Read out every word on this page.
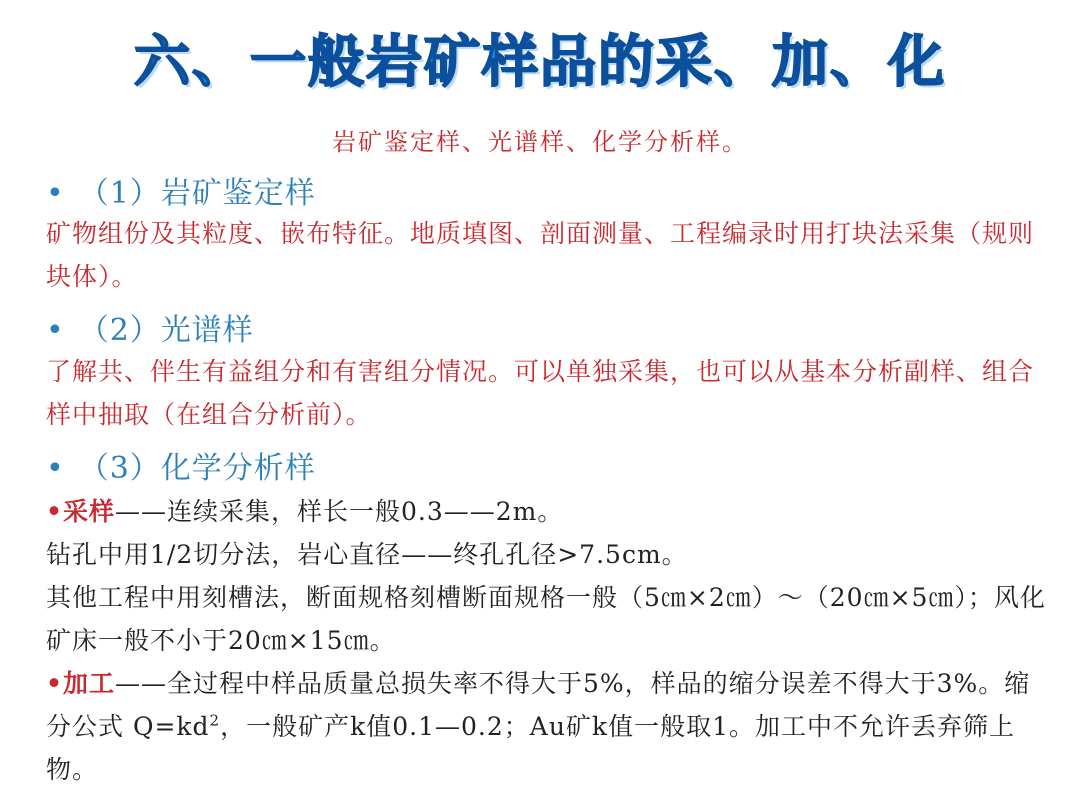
六、一般岩矿样品的采、加、化
岩矿鉴定样、光谱样、化学分析样。
• （1）岩矿鉴定样
矿物组份及其粒度、嵌布特征。地质填图、剖面测量、工程编录时用打块法采集（规则块体）。
• （2）光谱样
了解共、伴生有益组分和有害组分情况。可以单独采集，也可以从基本分析副样、组合样中抽取（在组合分析前）。
• （3）化学分析样
•采样——连续采集，样长一般0.3——2m。
钻孔中用1/2切分法，岩心直径——终孔孔径>7.5cm。
其他工程中用刻槽法，断面规格刻槽断面规格一般（5㎝×2㎝）～（20㎝×5㎝）；风化矿床一般不小于20㎝×15㎝。
•加工——全过程中样品质量总损失率不得大于5%，样品的缩分误差不得大于3%。缩分公式 $Q=kd^2$，一般矿产k值0.1—0.2；Au矿k值一般取1。加工中不允许丢弃筛上物。
